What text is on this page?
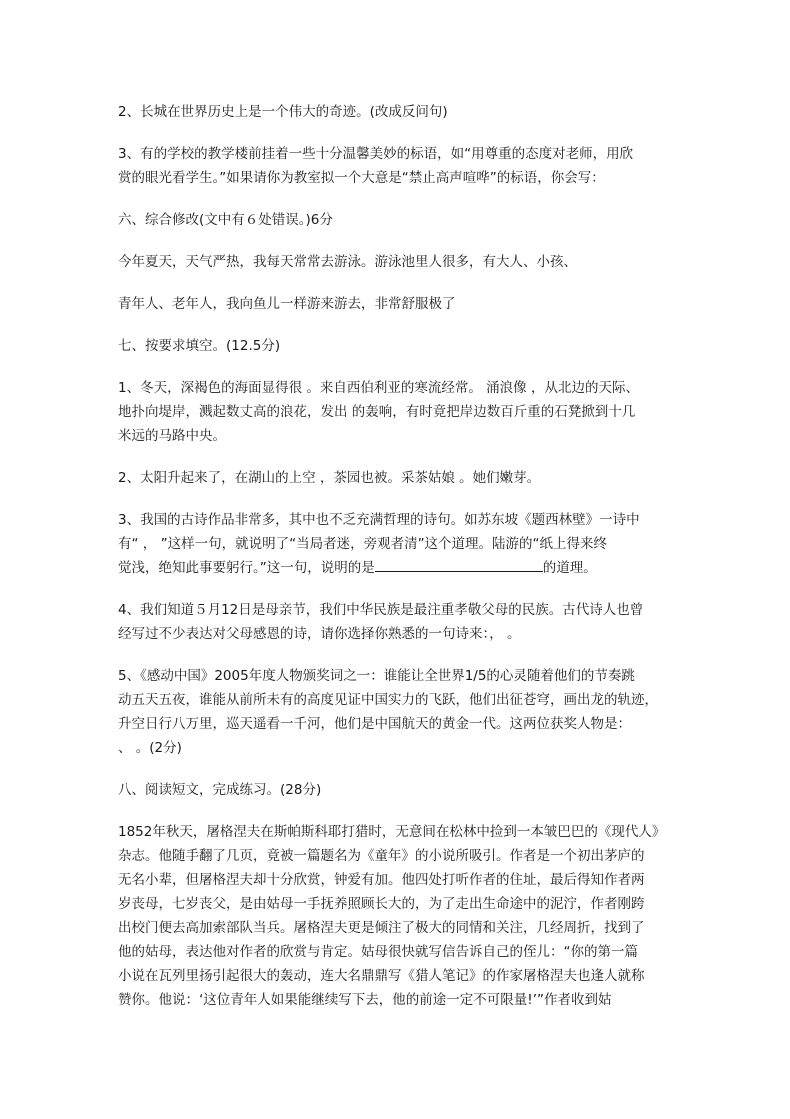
2、长城在世界历史上是一个伟大的奇迹。(改成反问句)

3、有的学校的教学楼前挂着一些十分温馨美妙的标语，如“用尊重的态度对老师，用欣

赏的眼光看学生。”如果请你为教室拟一个大意是“禁止高声喧哗”的标语，你会写：

六、综合修改(文中有６处错误。)6分

今年夏天，天气严热，我每天常常去游泳。游泳池里人很多，有大人、小孩、

青年人、老年人，我向鱼儿一样游来游去，非常舒服极了

七、按要求填空。(12.5分)

1、冬天，深褐色的海面显得很 。来自西伯利亚的寒流经常。 涌浪像 ，从北边的天际、

地扑向堤岸，溅起数丈高的浪花，发出 的轰响，有时竟把岸边数百斤重的石凳掀到十几

米远的马路中央。

2、太阳升起来了，在湖山的上空 ，茶园也被。采茶姑娘 。她们嫩芽。

3、我国的古诗作品非常多，其中也不乏充满哲理的诗句。如苏东坡《题西林壁》一诗中

有“ ， ”这样一句，就说明了“当局者迷，旁观者清”这个道理。陆游的“纸上得来终

觉浅，绝知此事要躬行。”这一句，说明的是	的道理。

4、我们知道５月12日是母亲节，我们中华民族是最注重孝敬父母的民族。古代诗人也曾

经写过不少表达对父母感恩的诗，请你选择你熟悉的一句诗来：， 。

5、《感动中国》2005年度人物颁奖词之一：谁能让全世界1/5的心灵随着他们的节奏跳

动五天五夜，谁能从前所未有的高度见证中国实力的飞跃，他们出征苍穹，画出龙的轨迹，

升空日行八万里，巡天遥看一千河，他们是中国航天的黄金一代。这两位获奖人物是：

、 。(2分)

八、阅读短文，完成练习。(28分)

1852年秋天，屠格涅夫在斯帕斯科耶打猎时，无意间在松林中捡到一本皱巴巴的《现代人》

杂志。他随手翻了几页，竟被一篇题名为《童年》的小说所吸引。作者是一个初出茅庐的

无名小辈，但屠格涅夫却十分欣赏，钟爱有加。他四处打听作者的住址，最后得知作者两

岁丧母，七岁丧父，是由姑母一手抚养照顾长大的，为了走出生命途中的泥泞，作者刚跨

出校门便去高加索部队当兵。屠格涅夫更是倾注了极大的同情和关注，几经周折，找到了

他的姑母，表达他对作者的欣赏与肯定。姑母很快就写信告诉自己的侄儿：“你的第一篇

小说在瓦列里扬引起很大的轰动，连大名鼎鼎写《猎人笔记》的作家屠格涅夫也逢人就称

赞你。他说：‘这位青年人如果能继续写下去，他的前途一定不可限量!’”作者收到姑
